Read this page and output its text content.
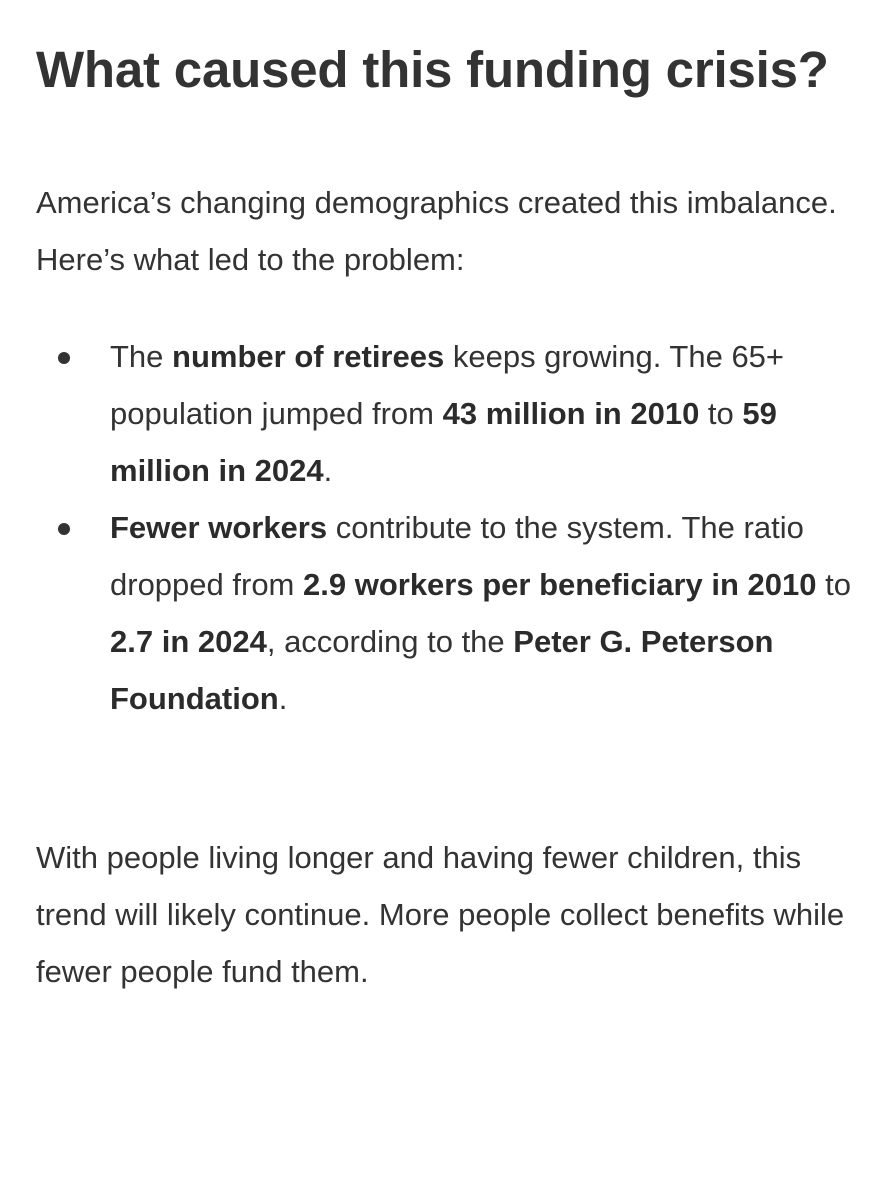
What caused this funding crisis?

America’s changing demographics created this imbalance. Here’s what led to the problem:

The number of retirees keeps growing. The 65+ population jumped from 43 million in 2010 to 59 million in 2024.
Fewer workers contribute to the system. The ratio dropped from 2.9 workers per beneficiary in 2010 to 2.7 in 2024, according to the Peter G. Peterson Foundation.

With people living longer and having fewer children, this trend will likely continue. More people collect benefits while fewer people fund them.
